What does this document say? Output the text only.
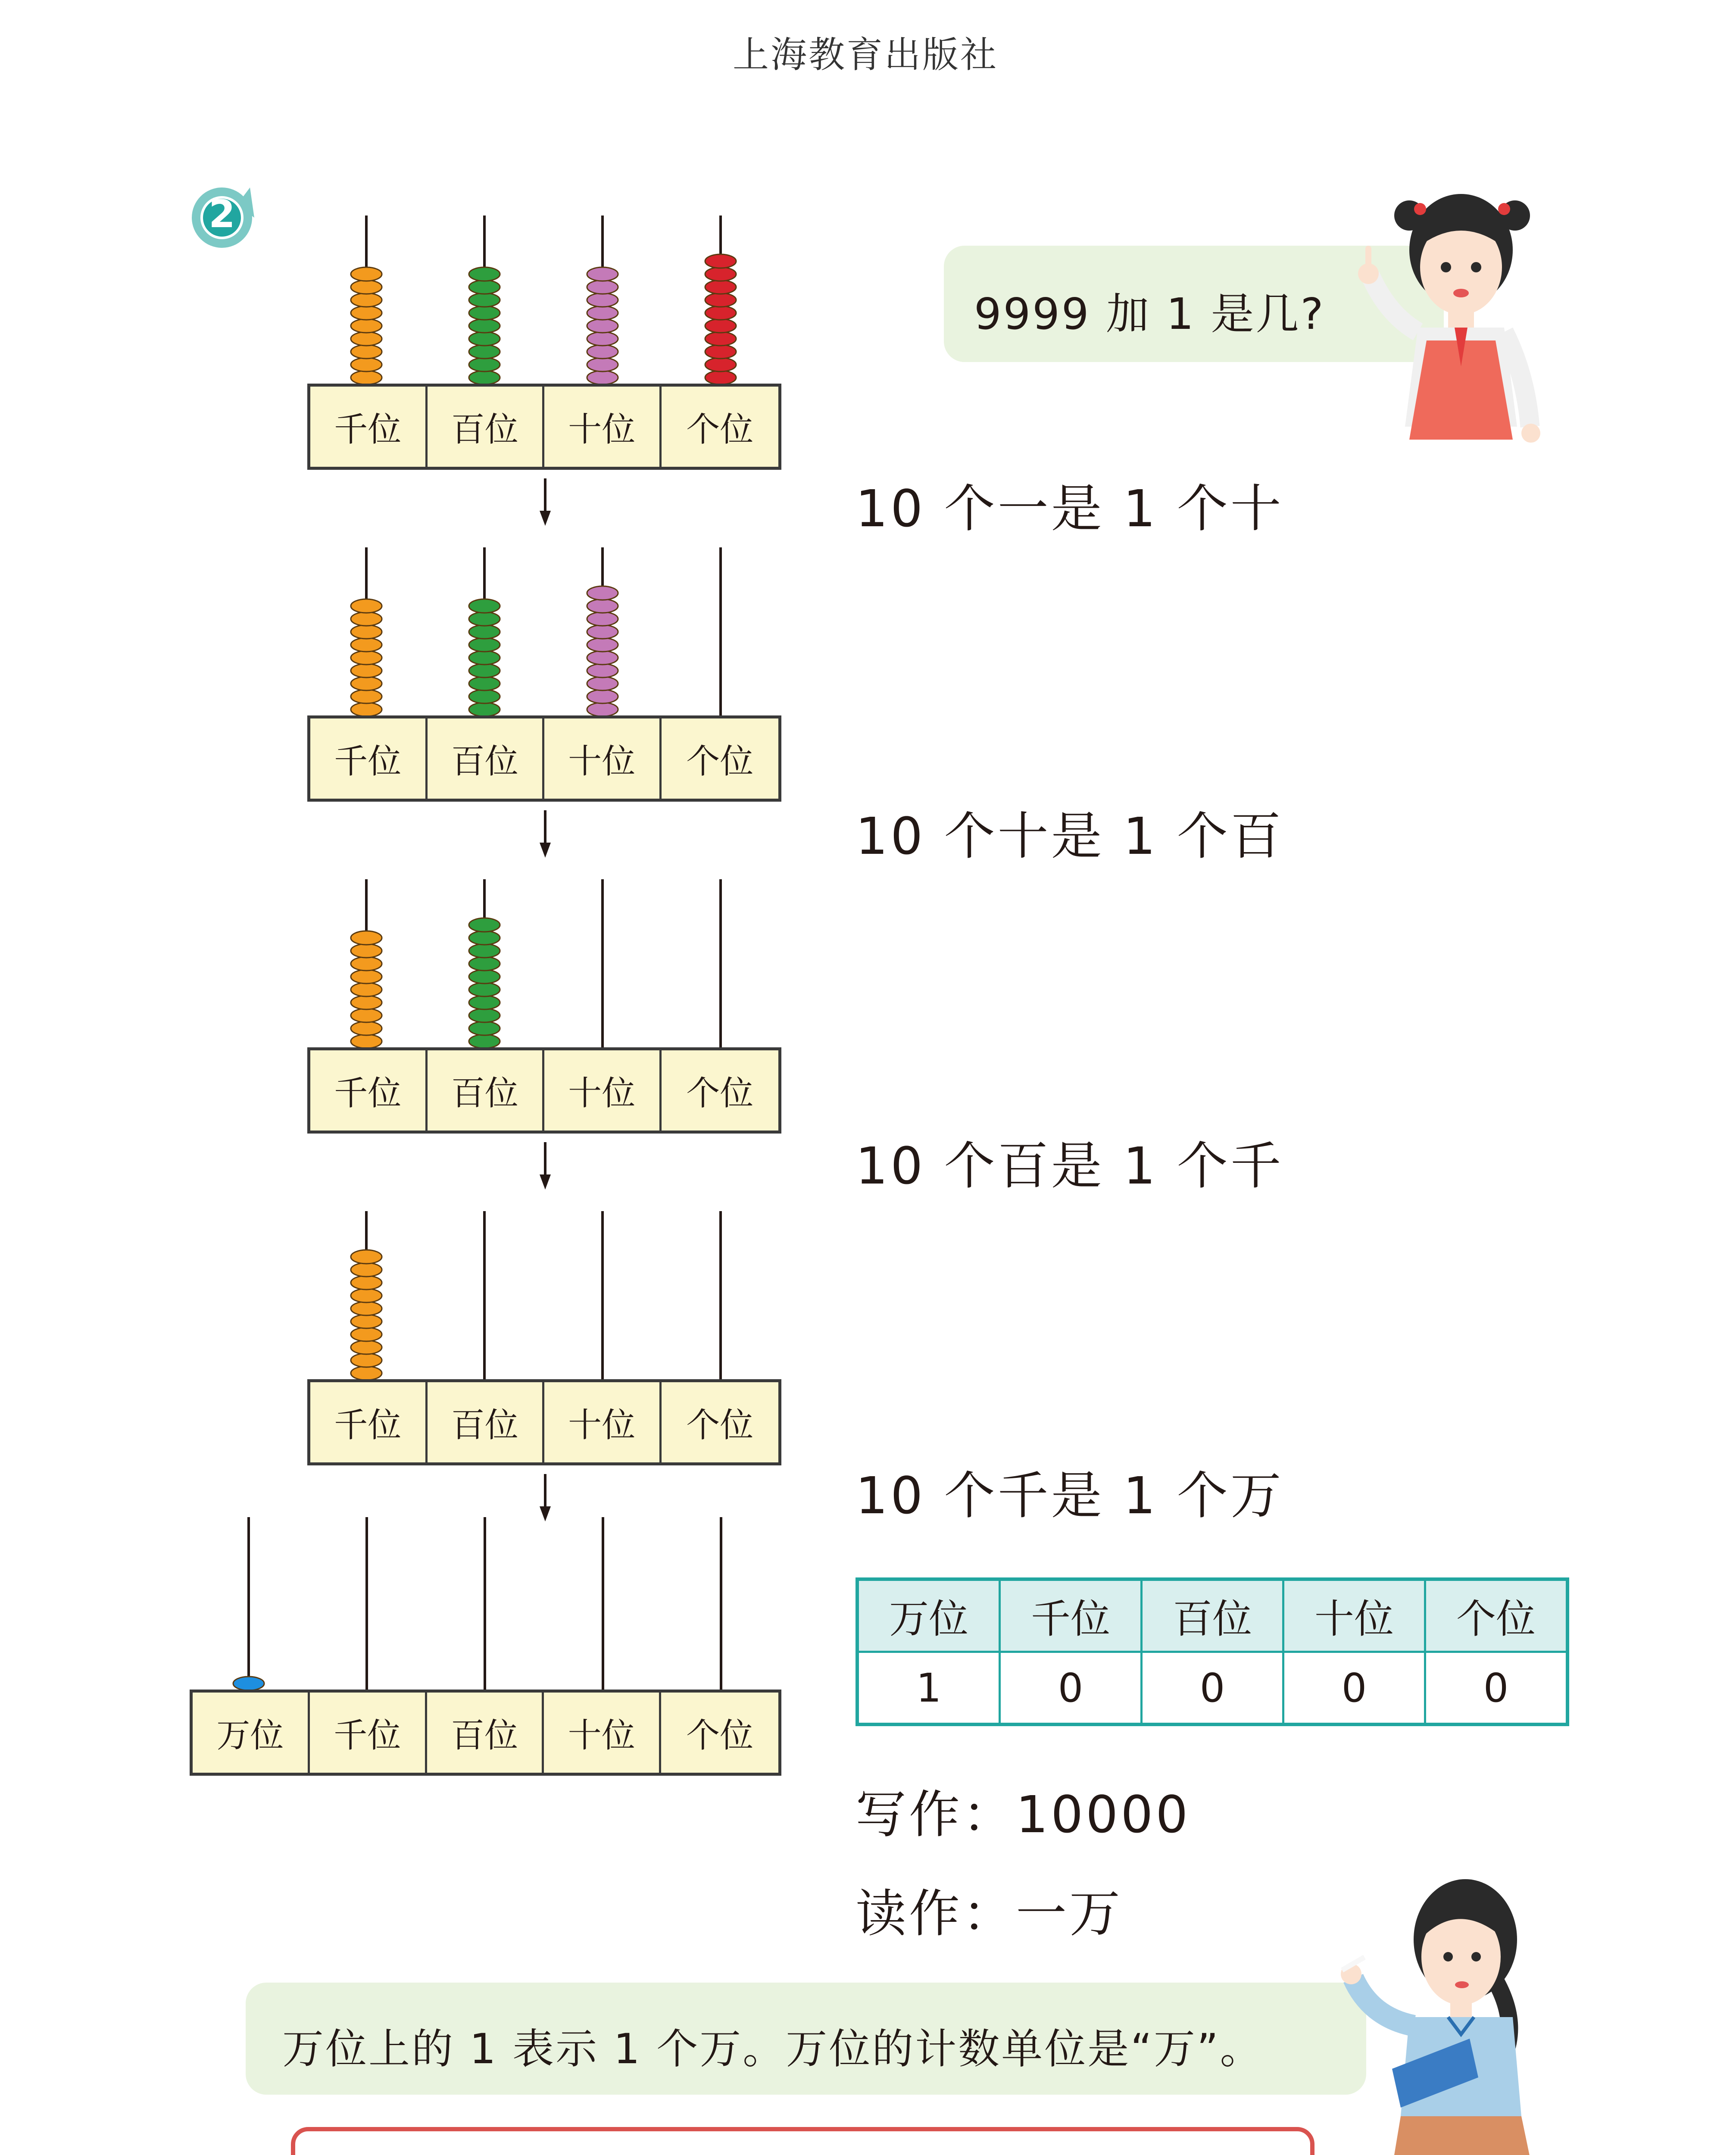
上海教育出版社
2
千位	百位	十位	个位
千位	百位	十位	个位
千位	百位	十位	个位
千位	百位	十位	个位
万位	千位	百位	十位	个位
9999 加 1 是几?
10 个一是 1 个十
10 个十是 1 个百
10 个百是 1 个千
10 个千是 1 个万
万位	千位	百位	十位	个位
1	0	0	0	0
写作：10000
读作：一万
万位上的 1 表示 1 个万。万位的计数单位是“万”。
